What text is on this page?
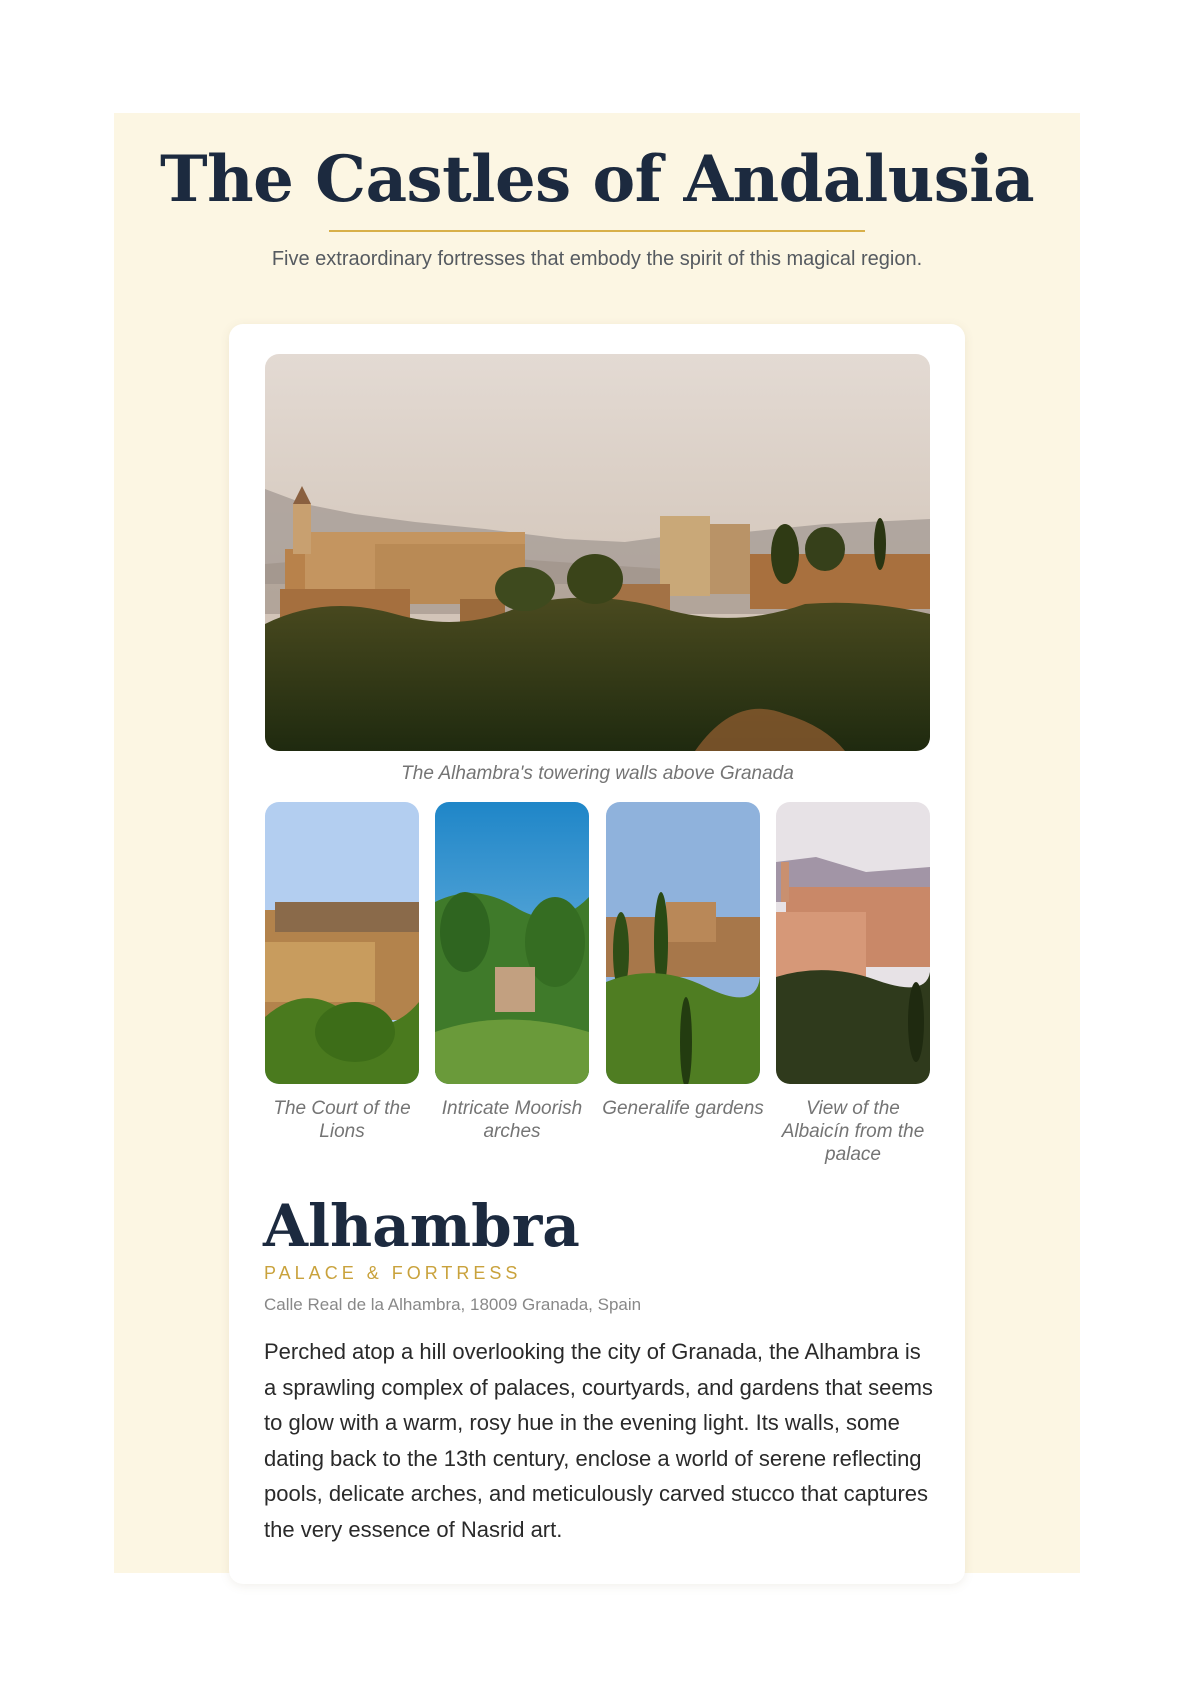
The Castles of Andalusia

Five extraordinary fortresses that embody the spirit of this magical region.

The Alhambra's towering walls above Granada

The Court of the Lions

Intricate Moorish arches

Generalife gardens	View of the Albaicín from the palace

Alhambra

PALACE & FORTRESS

Calle Real de la Alhambra, 18009 Granada, Spain

Perched atop a hill overlooking the city of Granada, the Alhambra is a sprawling complex of palaces, courtyards, and gardens that seems to glow with a warm, rosy hue in the evening light. Its walls, some dating back to the 13th century, enclose a world of serene reflecting pools, delicate arches, and meticulously carved stucco that captures the very essence of Nasrid art.
